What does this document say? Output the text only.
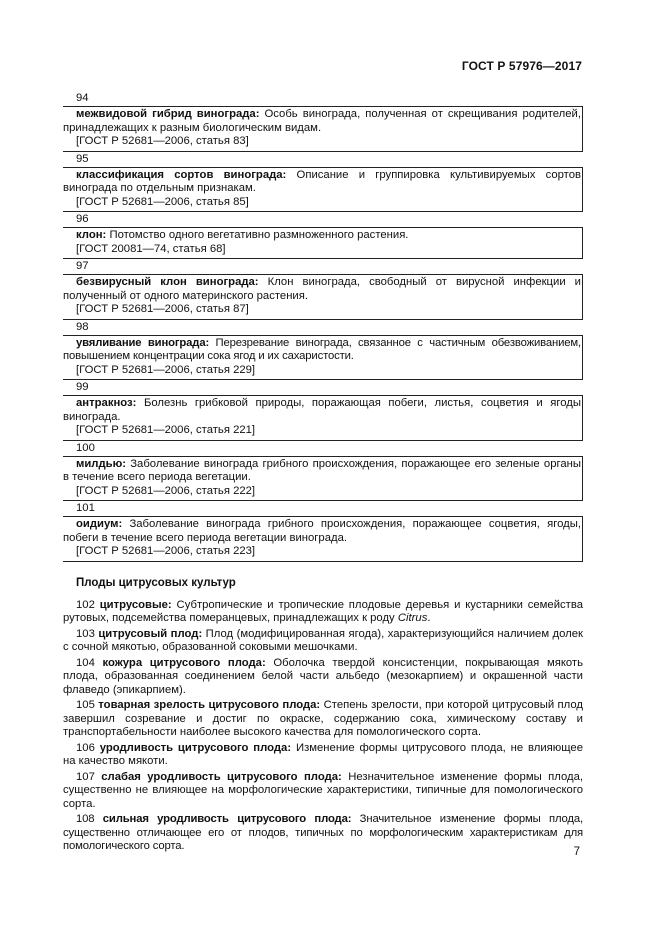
ГОСТ Р 57976—2017
94
межвидовой гибрид винограда: Особь винограда, полученная от скрещивания родителей, принадлежащих к разным биологическим видам.
[ГОСТ Р 52681—2006, статья 83]
95
классификация сортов винограда: Описание и группировка культивируемых сортов винограда по отдельным признакам.
[ГОСТ Р 52681—2006, статья 85]
96
клон: Потомство одного вегетативно размноженного растения.
[ГОСТ 20081—74, статья 68]
97
безвирусный клон винограда: Клон винограда, свободный от вирусной инфекции и полученный от одного материнского растения.
[ГОСТ Р 52681—2006, статья 87]
98
увяливание винограда: Перезревание винограда, связанное с частичным обезвоживанием, повышением концентрации сока ягод и их сахаристости.
[ГОСТ Р 52681—2006, статья 229]
99
антракноз: Болезнь грибковой природы, поражающая побеги, листья, соцветия и ягоды винограда.
[ГОСТ Р 52681—2006, статья 221]
100
милдью: Заболевание винограда грибного происхождения, поражающее его зеленые органы в течение всего периода вегетации.
[ГОСТ Р 52681—2006, статья 222]
101
оидиум: Заболевание винограда грибного происхождения, поражающее соцветия, ягоды, побеги в течение всего периода вегетации винограда.
[ГОСТ Р 52681—2006, статья 223]
Плоды цитрусовых культур
102 цитрусовые: Субтропические и тропические плодовые деревья и кустарники семейства рутовых, подсемейства померанцевых, принадлежащих к роду Citrus.
103 цитрусовый плод: Плод (модифицированная ягода), характеризующийся наличием долек с сочной мякотью, образованной соковыми мешочками.
104 кожура цитрусового плода: Оболочка твердой консистенции, покрывающая мякоть плода, образованная соединением белой части альбедо (мезокарпием) и окрашенной части флаведо (эпикарпием).
105 товарная зрелость цитрусового плода: Степень зрелости, при которой цитрусовый плод завершил созревание и достиг по окраске, содержанию сока, химическому составу и транспортабельности наиболее высокого качества для помологического сорта.
106 уродливость цитрусового плода: Изменение формы цитрусового плода, не влияющее на качество мякоти.
107 слабая уродливость цитрусового плода: Незначительное изменение формы плода, существенно не влияющее на морфологические характеристики, типичные для помологического сорта.
108 сильная уродливость цитрусового плода: Значительное изменение формы плода, существенно отличающее его от плодов, типичных по морфологическим характеристикам для помологического сорта.	7
